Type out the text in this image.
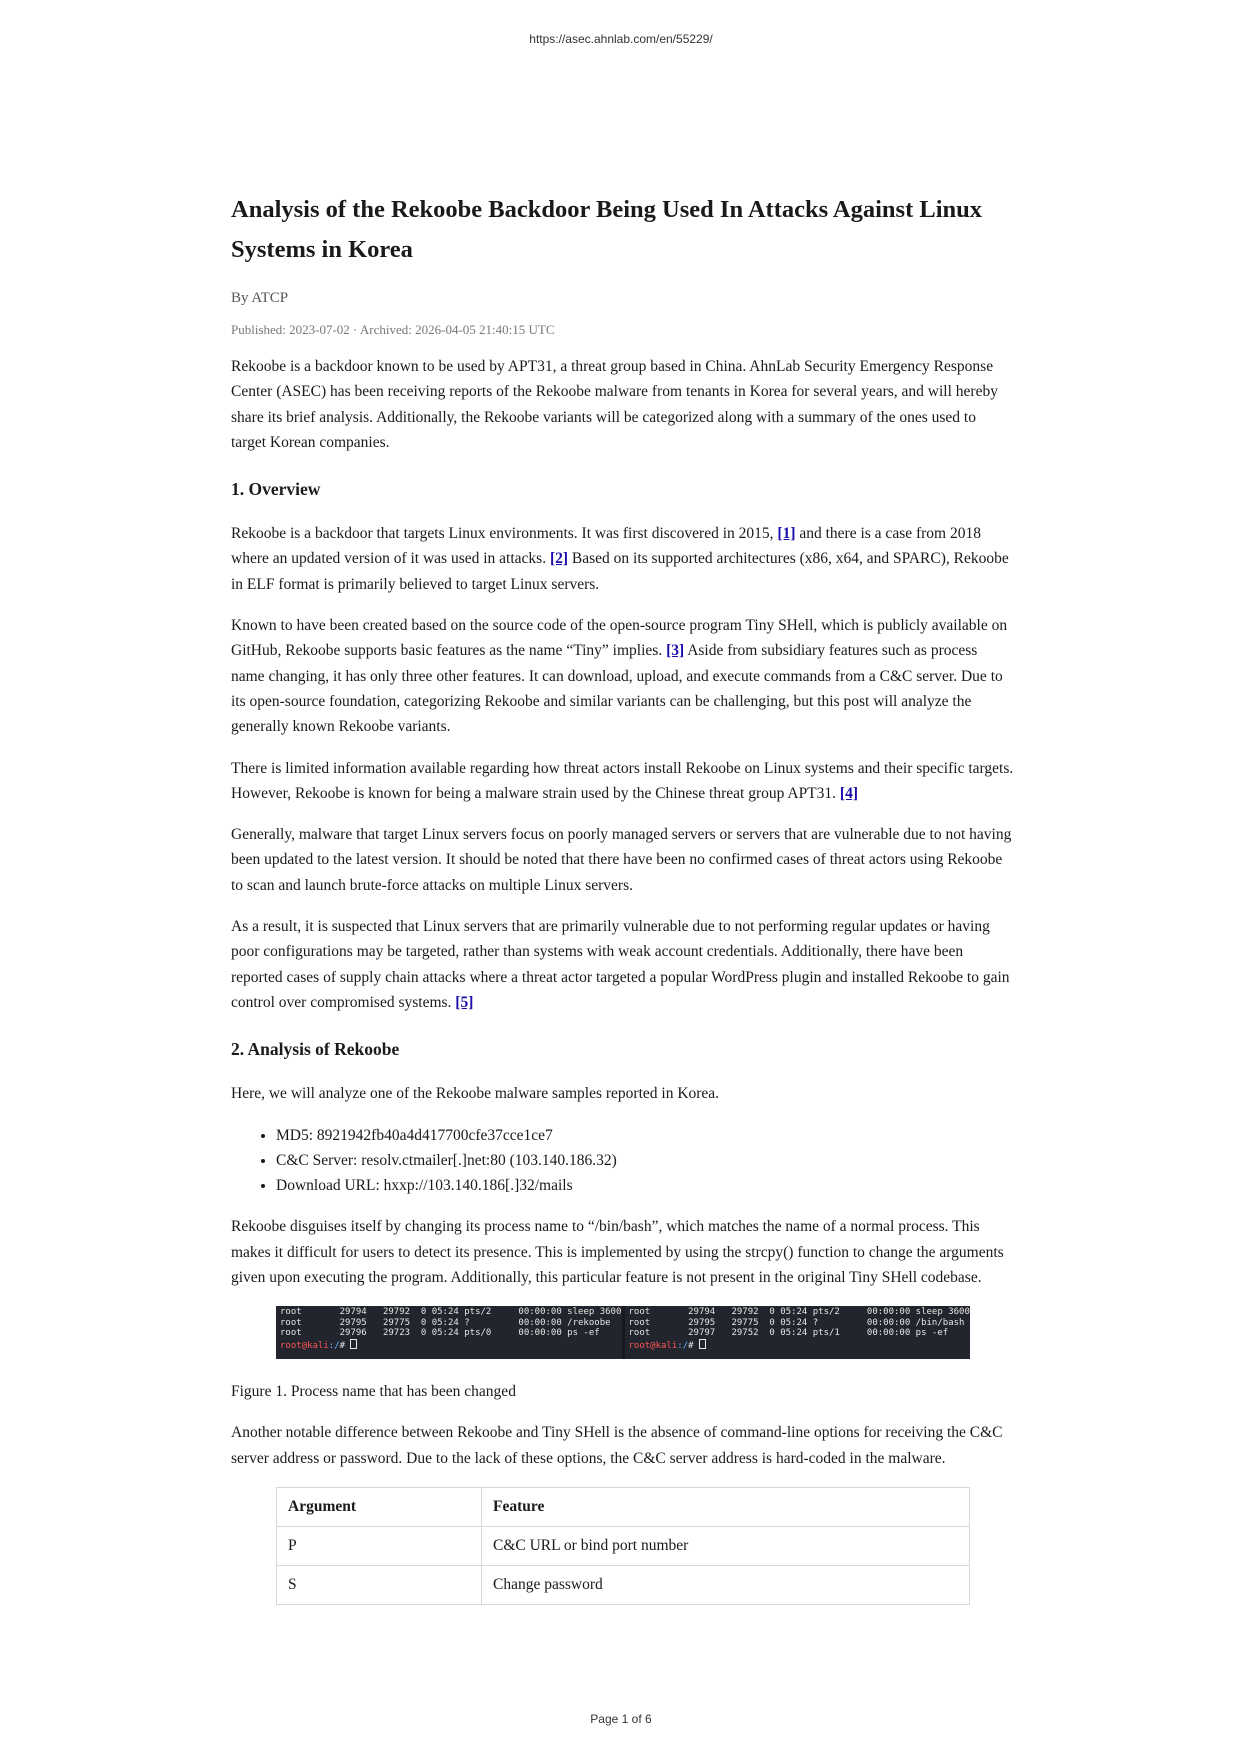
https://asec.ahnlab.com/en/55229/
Analysis of the Rekoobe Backdoor Being Used In Attacks Against Linux Systems in Korea
By ATCP
Published: 2023-07-02 · Archived: 2026-04-05 21:40:15 UTC

Rekoobe is a backdoor known to be used by APT31, a threat group based in China. AhnLab Security Emergency Response Center (ASEC) has been receiving reports of the Rekoobe malware from tenants in Korea for several years, and will hereby share its brief analysis. Additionally, the Rekoobe variants will be categorized along with a summary of the ones used to target Korean companies.

1. Overview

Rekoobe is a backdoor that targets Linux environments. It was first discovered in 2015, [1] and there is a case from 2018 where an updated version of it was used in attacks. [2] Based on its supported architectures (x86, x64, and SPARC), Rekoobe in ELF format is primarily believed to target Linux servers.

Known to have been created based on the source code of the open-source program Tiny SHell, which is publicly available on GitHub, Rekoobe supports basic features as the name “Tiny” implies. [3] Aside from subsidiary features such as process name changing, it has only three other features. It can download, upload, and execute commands from a C&C server. Due to its open-source foundation, categorizing Rekoobe and similar variants can be challenging, but this post will analyze the generally known Rekoobe variants.

There is limited information available regarding how threat actors install Rekoobe on Linux systems and their specific targets. However, Rekoobe is known for being a malware strain used by the Chinese threat group APT31. [4]

Generally, malware that target Linux servers focus on poorly managed servers or servers that are vulnerable due to not having been updated to the latest version. It should be noted that there have been no confirmed cases of threat actors using Rekoobe to scan and launch brute-force attacks on multiple Linux servers.

As a result, it is suspected that Linux servers that are primarily vulnerable due to not performing regular updates or having poor configurations may be targeted, rather than systems with weak account credentials. Additionally, there have been reported cases of supply chain attacks where a threat actor targeted a popular WordPress plugin and installed Rekoobe to gain control over compromised systems. [5]

2. Analysis of Rekoobe

Here, we will analyze one of the Rekoobe malware samples reported in Korea.

• MD5: 8921942fb40a4d417700cfe37cce1ce7
• C&C Server: resolv.ctmailer[.]net:80 (103.140.186.32)
• Download URL: hxxp://103.140.186[.]32/mails

Rekoobe disguises itself by changing its process name to “/bin/bash”, which matches the name of a normal process. This makes it difficult for users to detect its presence. This is implemented by using the strcpy() function to change the arguments given upon executing the program. Additionally, this particular feature is not present in the original Tiny SHell codebase.

root       29794   29792  0 05:24 pts/2     00:00:00 sleep 3600
root       29795   29775  0 05:24 ?         00:00:00 /rekoobe
root       29796   29723  0 05:24 pts/0     00:00:00 ps -ef
root@kali:/#
root       29794   29792  0 05:24 pts/2     00:00:00 sleep 3600
root       29795   29775  0 05:24 ?         00:00:00 /bin/bash
root       29797   29752  0 05:24 pts/1     00:00:00 ps -ef
root@kali:/#
Figure 1. Process name that has been changed

Another notable difference between Rekoobe and Tiny SHell is the absence of command-line options for receiving the C&C server address or password. Due to the lack of these options, the C&C server address is hard-coded in the malware.

Argument	Feature
P	C&C URL or bind port number
S	Change password
Page 1 of 6
